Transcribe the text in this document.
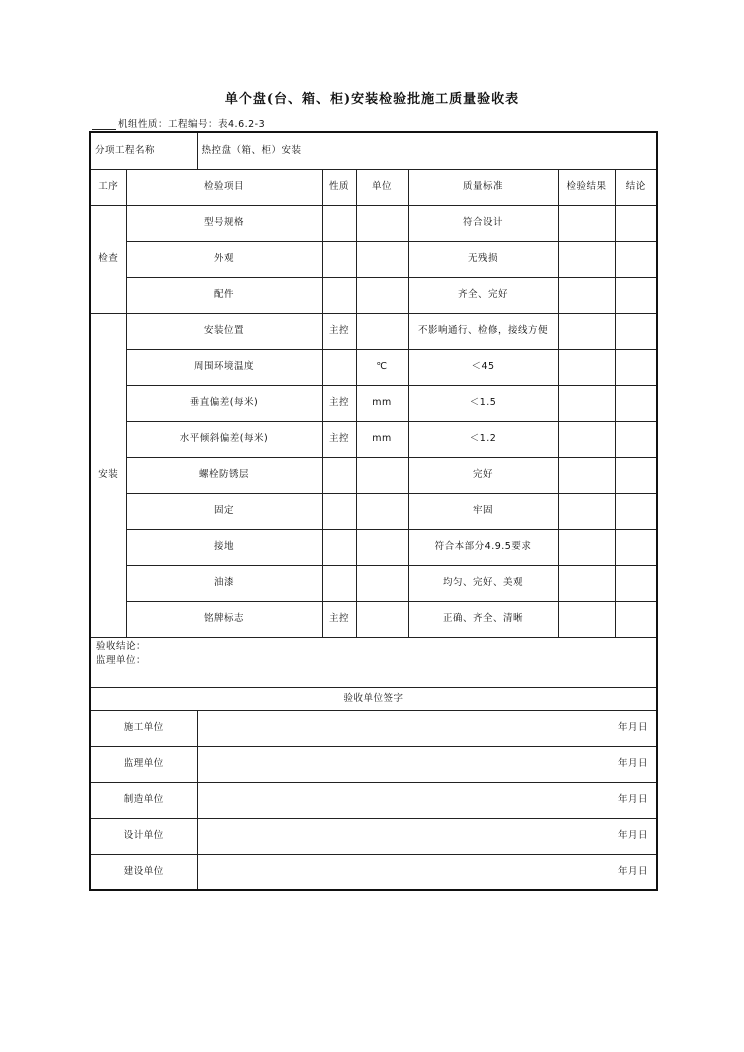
单个盘(台、箱、柜)安装检验批施工质量验收表
机组性质：工程编号：表4.6.2-3
分项工程名称		热控盘（箱、柜）安装					
工序	检验项目		性质	单位	质量标准	检验结果	结论
检查	型号规格				符合设计		
	外观				无残损		
	配件				齐全、完好		
安装	安装位置		主控		不影响通行、检修，接线方便		
	周围环境温度			℃	＜45		
	垂直偏差(每米)		主控	mm	＜1.5		
	水平倾斜偏差(每米)		主控	mm	＜1.2		
	螺栓防锈层				完好		
	固定				牢固		
	接地				符合本部分4.9.5要求		
	油漆				均匀、完好、美观		
	铭牌标志		主控		正确、齐全、清晰		

验收结论：
监理单位：							

验收单位签字							
施工单位		年月日					
监理单位		年月日					
制造单位		年月日					
设计单位		年月日					
建设单位		年月日					
